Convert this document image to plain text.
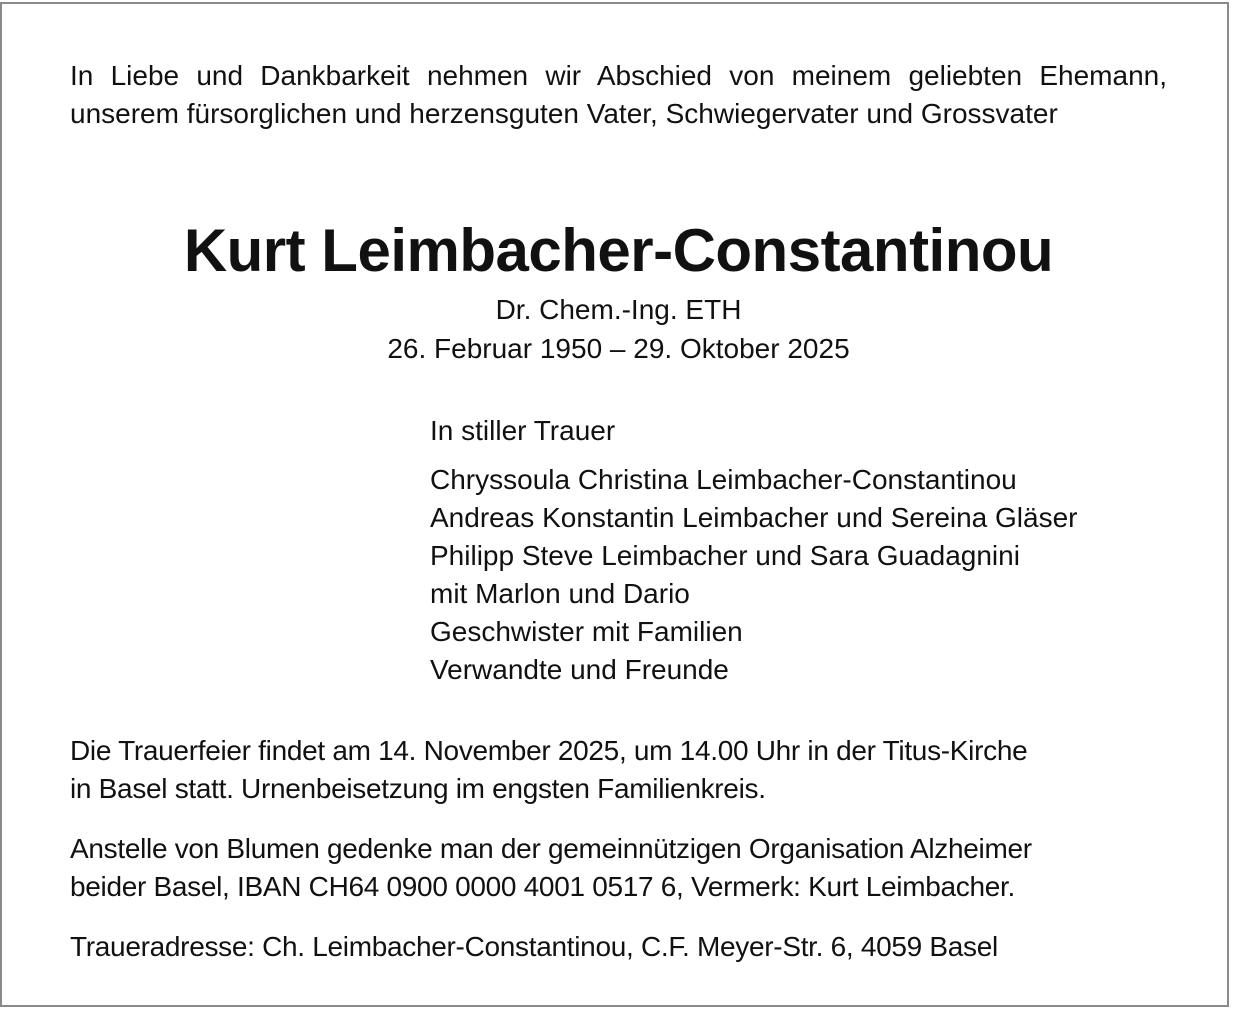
In Liebe und Dankbarkeit nehmen wir Abschied von meinem geliebten Ehemann, unserem fürsorglichen und herzensguten Vater, Schwiegervater und Grossvater

Kurt Leimbacher-Constantinou

Dr. Chem.-Ing. ETH

26. Februar 1950 – 29. Oktober 2025

In stiller Trauer

Chryssoula Christina Leimbacher-Constantinou
Andreas Konstantin Leimbacher und Sereina Gläser
Philipp Steve Leimbacher und Sara Guadagnini
mit Marlon und Dario
Geschwister mit Familien
Verwandte und Freunde

Die Trauerfeier findet am 14. November 2025, um 14.00 Uhr in der Titus-Kirche
in Basel statt. Urnenbeisetzung im engsten Familienkreis.

Anstelle von Blumen gedenke man der gemeinnützigen Organisation Alzheimer
beider Basel, IBAN CH64 0900 0000 4001 0517 6, Vermerk: Kurt Leimbacher.

Traueradresse: Ch. Leimbacher-Constantinou, C.F. Meyer-Str. 6, 4059 Basel
